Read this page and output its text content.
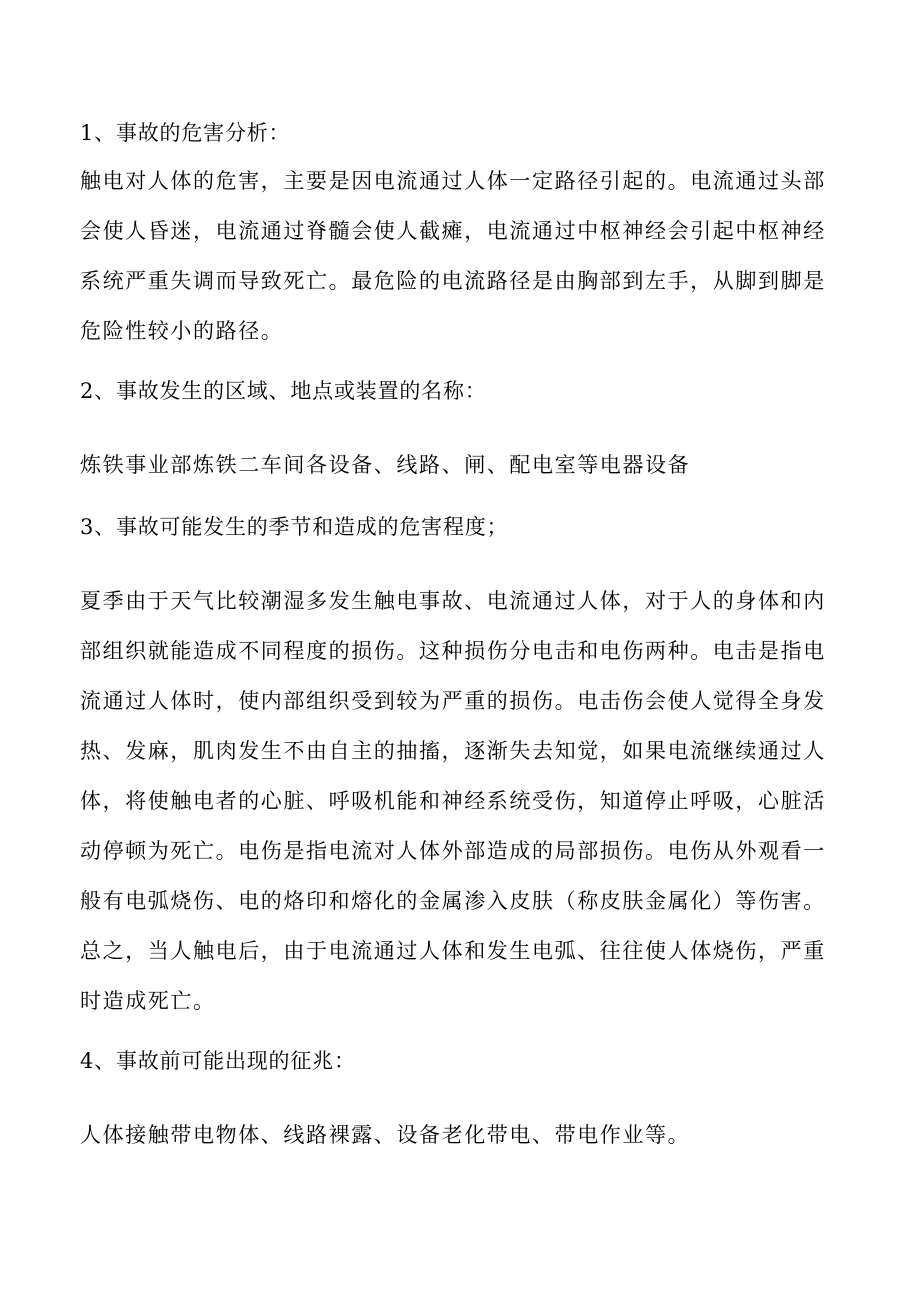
1、事故的危害分析：
触电对人体的危害，主要是因电流通过人体一定路径引起的。电流通过头部
会使人昏迷，电流通过脊髓会使人截瘫，电流通过中枢神经会引起中枢神经
系统严重失调而导致死亡。最危险的电流路径是由胸部到左手，从脚到脚是
危险性较小的路径。
2、事故发生的区域、地点或装置的名称：
炼铁事业部炼铁二车间各设备、线路、闸、配电室等电器设备
3、事故可能发生的季节和造成的危害程度；
夏季由于天气比较潮湿多发生触电事故、电流通过人体，对于人的身体和内
部组织就能造成不同程度的损伤。这种损伤分电击和电伤两种。电击是指电
流通过人体时，使内部组织受到较为严重的损伤。电击伤会使人觉得全身发
热、发麻，肌肉发生不由自主的抽搐，逐渐失去知觉，如果电流继续通过人
体，将使触电者的心脏、呼吸机能和神经系统受伤，知道停止呼吸，心脏活
动停顿为死亡。电伤是指电流对人体外部造成的局部损伤。电伤从外观看一
般有电弧烧伤、电的烙印和熔化的金属渗入皮肤（称皮肤金属化）等伤害。
总之，当人触电后，由于电流通过人体和发生电弧、往往使人体烧伤，严重
时造成死亡。
4、事故前可能出现的征兆：
人体接触带电物体、线路裸露、设备老化带电、带电作业等。
